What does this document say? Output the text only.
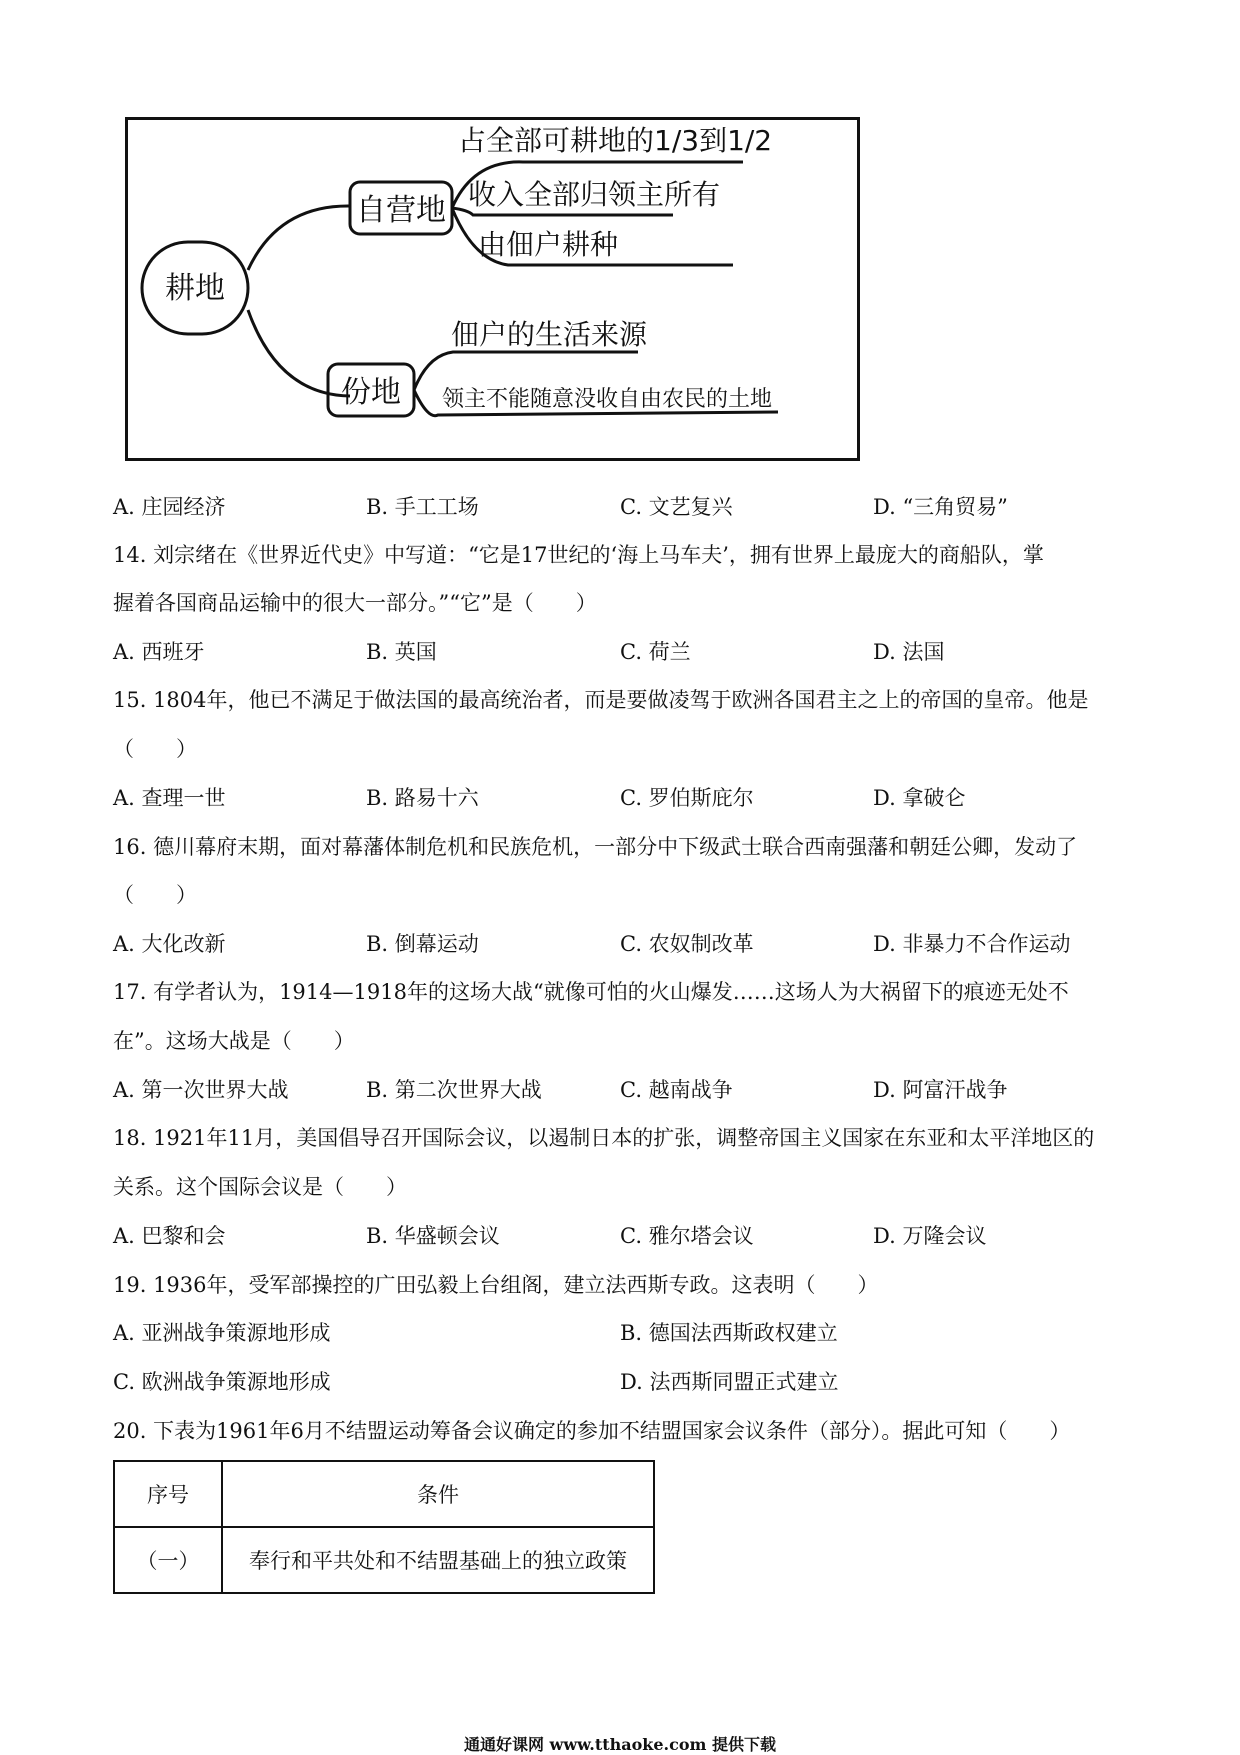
耕地
自营地
占全部可耕地的1/3到1/2
收入全部归领主所有
由佃户耕种
份地
佃户的生活来源
领主不能随意没收自由农民的土地
A. 庄园经济	B. 手工工场	C. 文艺复兴	D. “三角贸易”
14. 刘宗绪在《世界近代史》中写道：“它是17世纪的‘海上马车夫’，拥有世界上最庞大的商船队，掌
握着各国商品运输中的很大一部分。”“它”是（　　）
A. 西班牙	B. 英国	C. 荷兰	D. 法国
15. 1804年，他已不满足于做法国的最高统治者，而是要做凌驾于欧洲各国君主之上的帝国的皇帝。他是
（　　）
A. 查理一世	B. 路易十六	C. 罗伯斯庇尔	D. 拿破仑
16. 德川幕府末期，面对幕藩体制危机和民族危机，一部分中下级武士联合西南强藩和朝廷公卿，发动了
（　　）
A. 大化改新	B. 倒幕运动	C. 农奴制改革	D. 非暴力不合作运动
17. 有学者认为，1914—1918年的这场大战“就像可怕的火山爆发……这场人为大祸留下的痕迹无处不
在”。这场大战是（　　）
A. 第一次世界大战	B. 第二次世界大战	C. 越南战争	D. 阿富汗战争
18. 1921年11月，美国倡导召开国际会议，以遏制日本的扩张，调整帝国主义国家在东亚和太平洋地区的
关系。这个国际会议是（　　）
A. 巴黎和会	B. 华盛顿会议	C. 雅尔塔会议	D. 万隆会议
19. 1936年，受军部操控的广田弘毅上台组阁，建立法西斯专政。这表明（　　）
A. 亚洲战争策源地形成	B. 德国法西斯政权建立
C. 欧洲战争策源地形成	D. 法西斯同盟正式建立
20. 下表为1961年6月不结盟运动筹备会议确定的参加不结盟国家会议条件（部分）。据此可知（　　）
序号	条件
（一）	奉行和平共处和不结盟基础上的独立政策
通通好课网 www.tthaoke.com 提供下载
